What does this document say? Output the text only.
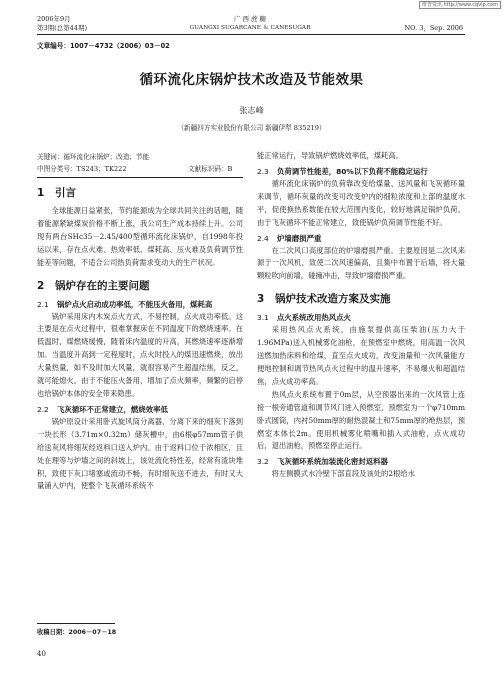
维普资讯 http://www.cqvip.com
2006年9月
第3期(总第44期)
广 西 蔗 糖
GUANGXI SUGARCANE ＆ CANESUGAR	NO. 3，Sep. 2006
文章编号：1007－4732（2006）03－02
循环流化床锅炉技术改造及节能效果
张志峰
（新疆四方实业股份有限公司 新疆伊犁 835219）
关键词：循环流化床锅炉；改造；节能
中图分类号：TS243；TK222	文献标识码：B
1 引言

全球能源日益紧张，节约能源成为全球共同关注的话题，随着能源紧缺煤炭价格不断上涨，我公司生产成本持续上升。公司现有两台SHc35－2.45/400型循环流化床锅炉，自1998年投运以来，存在点火难、热效率低、煤耗高、压火难及负荷调节性能差等问题，不适合公司热负荷需求变动大的生产状况。

2 锅炉存在的主要问题
2.1 锅炉点火启动成功率低，不能压火备用，煤耗高

锅炉采用床内木炭点火方式，不易控制，点火成功率低。这主要是在点火过程中，很难掌握床在不同温度下的燃烧速率。在低温时，煤燃烧缓慢，随着床内温度的升高，其燃烧速率逐渐增加。当温度升高到一定程度时，点火时投入的煤迅速燃烧，放出大量热量，如不及时加大风量，就很容易产生超温结焦，反之，就可能熄火。由于不能压火备用，增加了点火频率，频繁的启停也给锅炉本体的安全带来隐患。

2.2 飞灰循环不正常建立，燃烧效率低

锅炉原设计采用卧式旋风筒分离器，分离下来的细灰下落到一块长形（3.71m×0.32m）储灰槽中，由6根φ57mm管子供给送灰风将细灰经返料口送入炉内。由于返料口位于浓相区，且处在理等与炉墙之间的斜坡上，该处流化特性差，经常有渣块堆积，致使下灰口堵塞或流动不畅，有时细灰送不进去，有时又大量涌入炉内，使整个飞灰循环系统不

收稿日期：2006－07－18

能正常运行，导致锅炉燃烧效率低，煤耗高。

2.3 负荷调节性能差，80%以下负荷不能稳定运行

循环流化床锅炉的负荷靠改变给煤量、送风量和飞灰循环量来调节，循环灰量的改变可改变炉内的细粒浓度和上部的温度水平，促使换热系数能在较大范围内变化，较好地满足锅炉负荷。由于飞灰循环不能正常建立，致使锅炉负荷调节性能不好。

2.4 炉墙磨损严重

在二次风口高度部位的炉墙磨损严重。主要原因是二次风来源于一次风机，致使二次风速偏高，且集中布置于后墙，将大量颗粒吹向前墙，碰撞冲击，导致炉墙磨损严重。

3 锅炉技术改造方案及实施
3.1 点火系统改用热风点火

采用热风点火系统，由施泵提供高压柴油(压力大于1.96MPa)送入机械雾化油枪，在预燃室中燃烧，用高温一次风送燃加热床料和给煤，直至点火成功，改变油量和一次风量能方便地控制和调节热风点火过程中的温升速率，不易爆火和超温结焦，点火成功率高。

热风点火系统布置于0m层，从空预器出来的一次风管上连接一根旁通管道和调节风门进入预燃室，预燃室为一个φ710mm卧式圆筒，内衬50mm厚的耐热混凝土和75mm厚的绝热层，预燃室本体长2m。使用机械雾化喷嘴和插入式油枪，点火成功后，退出油枪，预燃室停止运行。

3.2 飞灰循环系统加装流化密封返料器

将左侧膜式水冷壁下部直段及该处的2根给水

40
